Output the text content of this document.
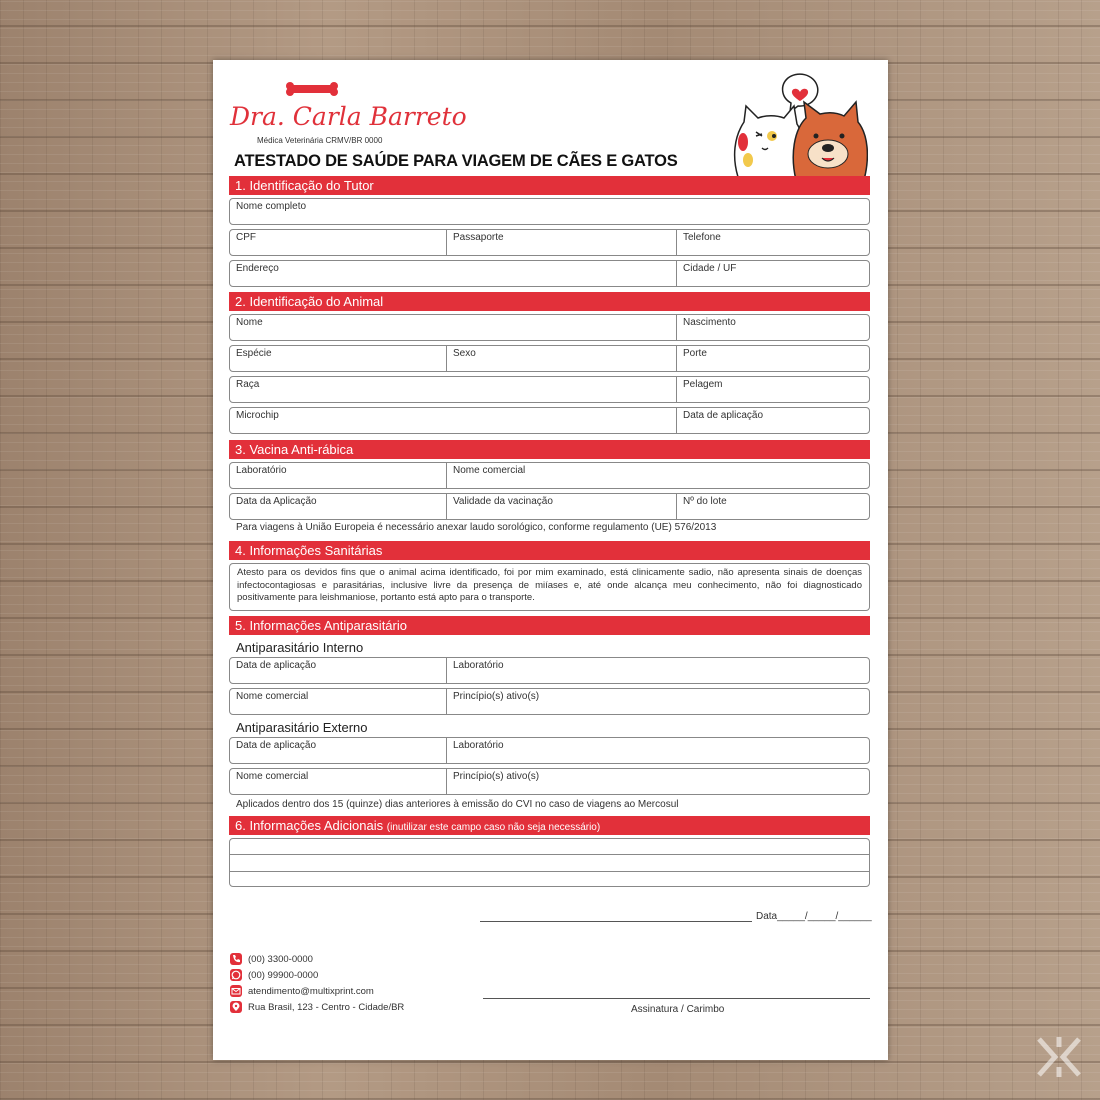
Dra. Carla Barreto
Médica Veterinária CRMV/BR 0000
ATESTADO DE SAÚDE PARA VIAGEM DE CÃES E GATOS
1. Identificação do Tutor
Nome completo
CPF	Passaporte	Telefone
Endereço	Cidade / UF
2. Identificação do Animal
Nome	Nascimento
Espécie	Sexo	Porte
Raça	Pelagem
Microchip	Data de aplicação
3. Vacina Anti-rábica
Laboratório	Nome comercial
Data da Aplicação	Validade da vacinação	Nº do lote
Para viagens à União Europeia é necessário anexar laudo sorológico, conforme regulamento (UE) 576/2013
4. Informações Sanitárias
Atesto para os devidos fins que o animal acima identificado, foi por mim examinado, está clinicamente sadio, não apresenta sinais de doenças infectocontagiosas e parasitárias, inclusive livre da presença de miíases e, até onde alcança meu conhecimento, não foi diagnosticado positivamente para leishmaniose, portanto está apto para o transporte.
5. Informações Antiparasitário
Antiparasitário Interno
Data de aplicação	Laboratório
Nome comercial	Princípio(s) ativo(s)
Antiparasitário Externo
Data de aplicação	Laboratório
Nome comercial	Princípio(s) ativo(s)
Aplicados dentro dos 15 (quinze) dias anteriores à emissão do CVI no caso de viagens ao Mercosul
6. Informações Adicionais (inutilizar este campo caso não seja necessário)
Data_____/_____/______
Assinatura / Carimbo
(00) 3300-0000
(00) 99900-0000
atendimento@multixprint.com
Rua Brasil, 123 - Centro - Cidade/BR
